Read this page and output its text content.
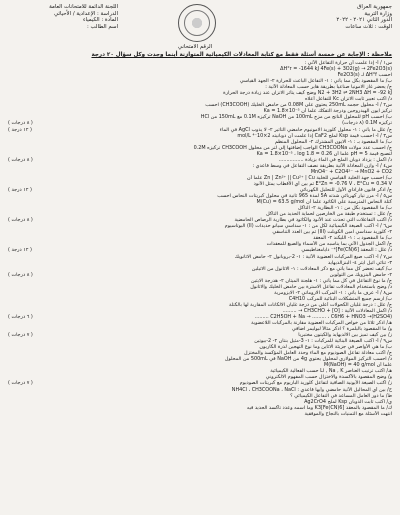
جمهورية العراق
وزارة التربية
الدور الثاني ٢٠٢١ - ٢٠٢٢
الوقت : ثلاث ساعات
اللجنة الدائمة للامتحانات العامة
الدراسة : الإعدادية / الأحيائي
المادة : الكيمياء
اسم الطالب :
الرقم الامتحاني
ملاحظة : الإجابة عن خمسة أسئلة فقط مع كتابة المعادلات الكيميائية المتوازنة أينما وجدت وكل سؤال ٢٠ درجة
س١ / أ- إذا علمت أن حرارة التفاعل الآتي :
ΔH°r = -1644 kJ 4Fe(s) + 3O2(g) → 2Fe2O3(s)
احسب ΔH°f لـ Fe2O3(s)
ب/ ما المقصود بكل مما يأتي : ١- التفاعل الباعث للحرارة ٢- الجهد القياسي
ج/ يحضر غاز الامونيا صناعياً بطريقة هابر حسب المعادلة الآتية :
N2 + 3H2 ⇌ 2NH3 ΔH = -92 kJ وضح كيف يتأثر الاتزان عند زيادة درجة الحرارة
د/ اكتب تعبير ثابت الاتزان Kc للتفاعل أعلاه
س٢ / أ- محلول حجمه 250mL يحتوي على 0.08M من حامض الخليك (CH3COOH) احسب
تركيز ايون الهيدروجين ودرجة التفكك علماً أن Ka = 1.8×10⁻⁵
ب/ احسب pH للمحلول الناتج من مزج 100mL من NaOH تركيزه 0.1M مع 150mL من HCl
تركيزه 0.1M (٨ درجات)
( ٨ درجات )
ج/ علل ما يأتي : ١- محلول كلوريد الامونيوم حامضي التأثير ٢- لا يذوب AgCl في الماء
( ١٢ درجة )
س٣ / أ- احسب قيمة Ksp لملح CaF2 إذا علمت أن ذوبانيته 2×10⁻⁴ mol/L
ب/ ما المقصود بـ : ١- الايون المشترك ٢- المحلول المنظم
ج/ احسب عدد مولات CH3COONa الواجب إضافتها إلى لتر من محلول CH3COOH تركيزه 0.2M
لتصبح قيمة pH = 5 علماً أن Ka = 1.8×10⁻⁵ ، log 1.8 = 0.26
د/ اكمل : يزداد ذوبان الملح في الماء بزيادة ................
( ٨ درجات )
س٤ / أ- وازن المعادلة الآتية بطريقة نصف التفاعل في وسط قاعدي :
MnO4⁻ + C2O4²⁻ → MnO2 + CO2
ب/ احسب جهد الخلية القياسي للخلية Zn | Zn²⁺ || Cu²⁺ | Cu علماً أن
E°Zn = -0.76 V ، E°Cu = 0.34 V ثم بين أي الأقطاب يمثل الأنود
ج/ اذكر قانون فاراداي الأول للتحليل الكهربائي
( ١٢ درجة )
س٥ / أ- مرر تيار كهربائي شدته 5A لمدة 965 ثانية في محلول كبريتات النحاس احسب
كتلة النحاس المترسبة على الكاثود علماً أن M(Cu) = 63.5 g/mol
ب/ ما المقصود بكل من : ١- البطارية ٢- التآكل
ج/ علل : تستخدم طبقة من الخارصين لحماية الحديد من التآكل
د/ اكتب التفاعلات التي تحدث عند الأنود والكاثود في بطارية الرصاص الحامضية
( ٨ درجات )
س٦ / أ- اكتب الصيغة الكيميائية لكل من : ١- سداسي سيانو حديدات (II) البوتاسيوم
٢- كلوريد سداسي امين الكوبلت (III) ثم بين العدد التناسقي
ب/ ما المقصود بـ : ١- الليكند ٢- المعقد
ج/ اكمل الجدول الآتي بما يناسبه من الأسماء والصيغ للمعقدات
د/ علل : المعقد [Fe(CN)6]⁴⁻ دايامغناطيسي
( ١٢ درجة )
س٧ / أ- اكتب صيغ المركبات العضوية الآتية : ١- 2-بروبانول ٢- حامض الاثانويك
٣- ثنائي اثيل ايثر ٤- البنزالديهايد
ب/ كيف تحضر كل مما يأتي مع ذكر المعادلات : ١- الاثانول من الاثيلين
٢- حامض البنزويك من التولوين
( ٨ درجات )
ج/ ما نوع التفاعل في كل مما يأتي : ١- هلجنة الميثان ٢- هدرجة الايثين
د/ وضح باستخدام المعادلات تفاعل الاسترة بين حامض الخليك والاثانول
س٨ / أ- عرف ما يأتي : ١- المركب الاروماتي ٢- الايزومرية
ب/ ارسم جميع المتشكلات البنائية للمركب C4H10
ج/ علل : درجة غليان الكحولات أعلى من درجة غليان الالكانات المقاربة لها بالكتلة
د/ اكمل المعادلات الآتية : CH3CHO + [O] → .........
C2H5OH + Na → ......... ، C6H6 + HNO3 →(H2SO4) .........
( ٦ درجات )
هـ/ اذكر ثلاثاً من خواص المركبات العضوية مقارنة بالمركبات اللاعضوية
و/ ما المقصود بالبلمرة ؟ اذكر مثالاً لبوليمر اضافي
ز/ بين كيف تميز بين الالديهايد والكيتون مختبرياً
( ٧ درجات )
س٩ / أ- اكتب الصيغة البنائية للمركبات : ١- 3-مثيل بنتان ٢- 2-بيوتين
ب/ ما هي الأواصر في جزيئة الاثاين وما نوع التهجين لذرة الكاربون
ج/ اكتب معادلة تفاعل الصوديوم مع الماء وحدد العامل المؤكسد والمختزل
د/ احسب التركيز المولاري لمحلول يحتوي 4g من NaOH في 500mL من المحلول
علماً أن M(NaOH) = 40 g/mol
هـ/ اكتب ترتيب العناصر Li , Na , K حسب الفعالية الكيميائية
و/ وضح المقصود بالأكسدة والاختزال حسب المفهوم الالكتروني
ز/ اكتب الصيغة الأيونية الصافية لتفاعل كلوريد الباريوم مع كبريتات الصوديوم
( ٧ درجات )
ح/ بين أي المحاليل الآتية حامضي وأيها قاعدي : NH4Cl ، CH3COONa ، NaCl
ط/ ما دور العامل المساعد في التفاعل الكيميائي ؟
ي/ اكتب ثابت الذوبان Ksp لملح Ag2CrO4
ك/ ما المقصود بالمعقد K3[Fe(CN)6] وما اسمه وعدد تأكسد الحديد فيه
انتهت الأسئلة مع التمنيات بالنجاح والموفقية
